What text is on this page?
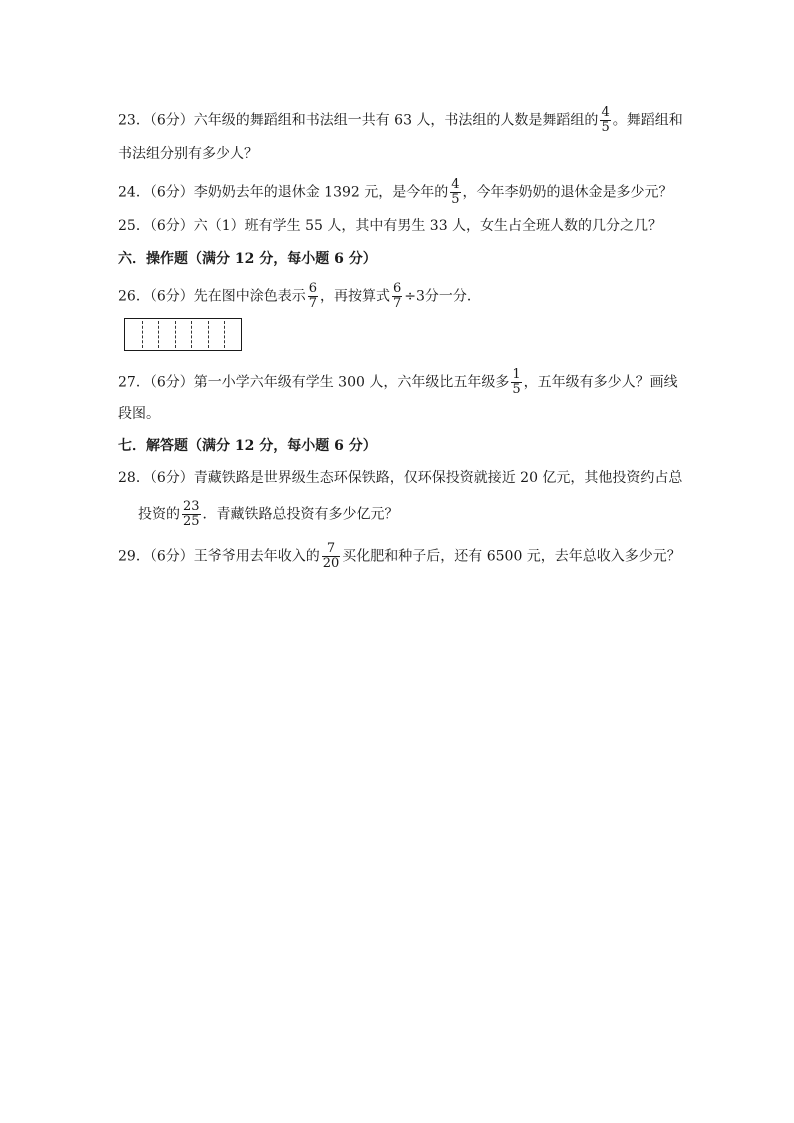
23．（6分）六年级的舞蹈组和书法组一共有 63 人，书法组的人数是舞蹈组的 $\frac{4}{5}$ 。舞蹈组和
书法组分别有多少人？
24．（6分）李奶奶去年的退休金 1392 元，是今年的 $\frac{4}{5}$ ，今年李奶奶的退休金是多少元？
25．（6分）六（1）班有学生 55 人，其中有男生 33 人，女生占全班人数的几分之几？
六．操作题（满分 12 分，每小题 6 分）
26．（6分）先在图中涂色表示 $\frac{6}{7}$ ，再按算式 $\frac{6}{7} \div 3$分一分．
27．（6分）第一小学六年级有学生 300 人，六年级比五年级多 $\frac{1}{5}$ ，五年级有多少人？画线
段图。
七．解答题（满分 12 分，每小题 6 分）
28．（6分）青藏铁路是世界级生态环保铁路，仅环保投资就接近 20 亿元，其他投资约占总
投资的 $\frac{23}{25}$ ．青藏铁路总投资有多少亿元？
29．（6分）王爷爷用去年收入的 $\frac{7}{20}$ 买化肥和种子后，还有 6500 元，去年总收入多少元？
